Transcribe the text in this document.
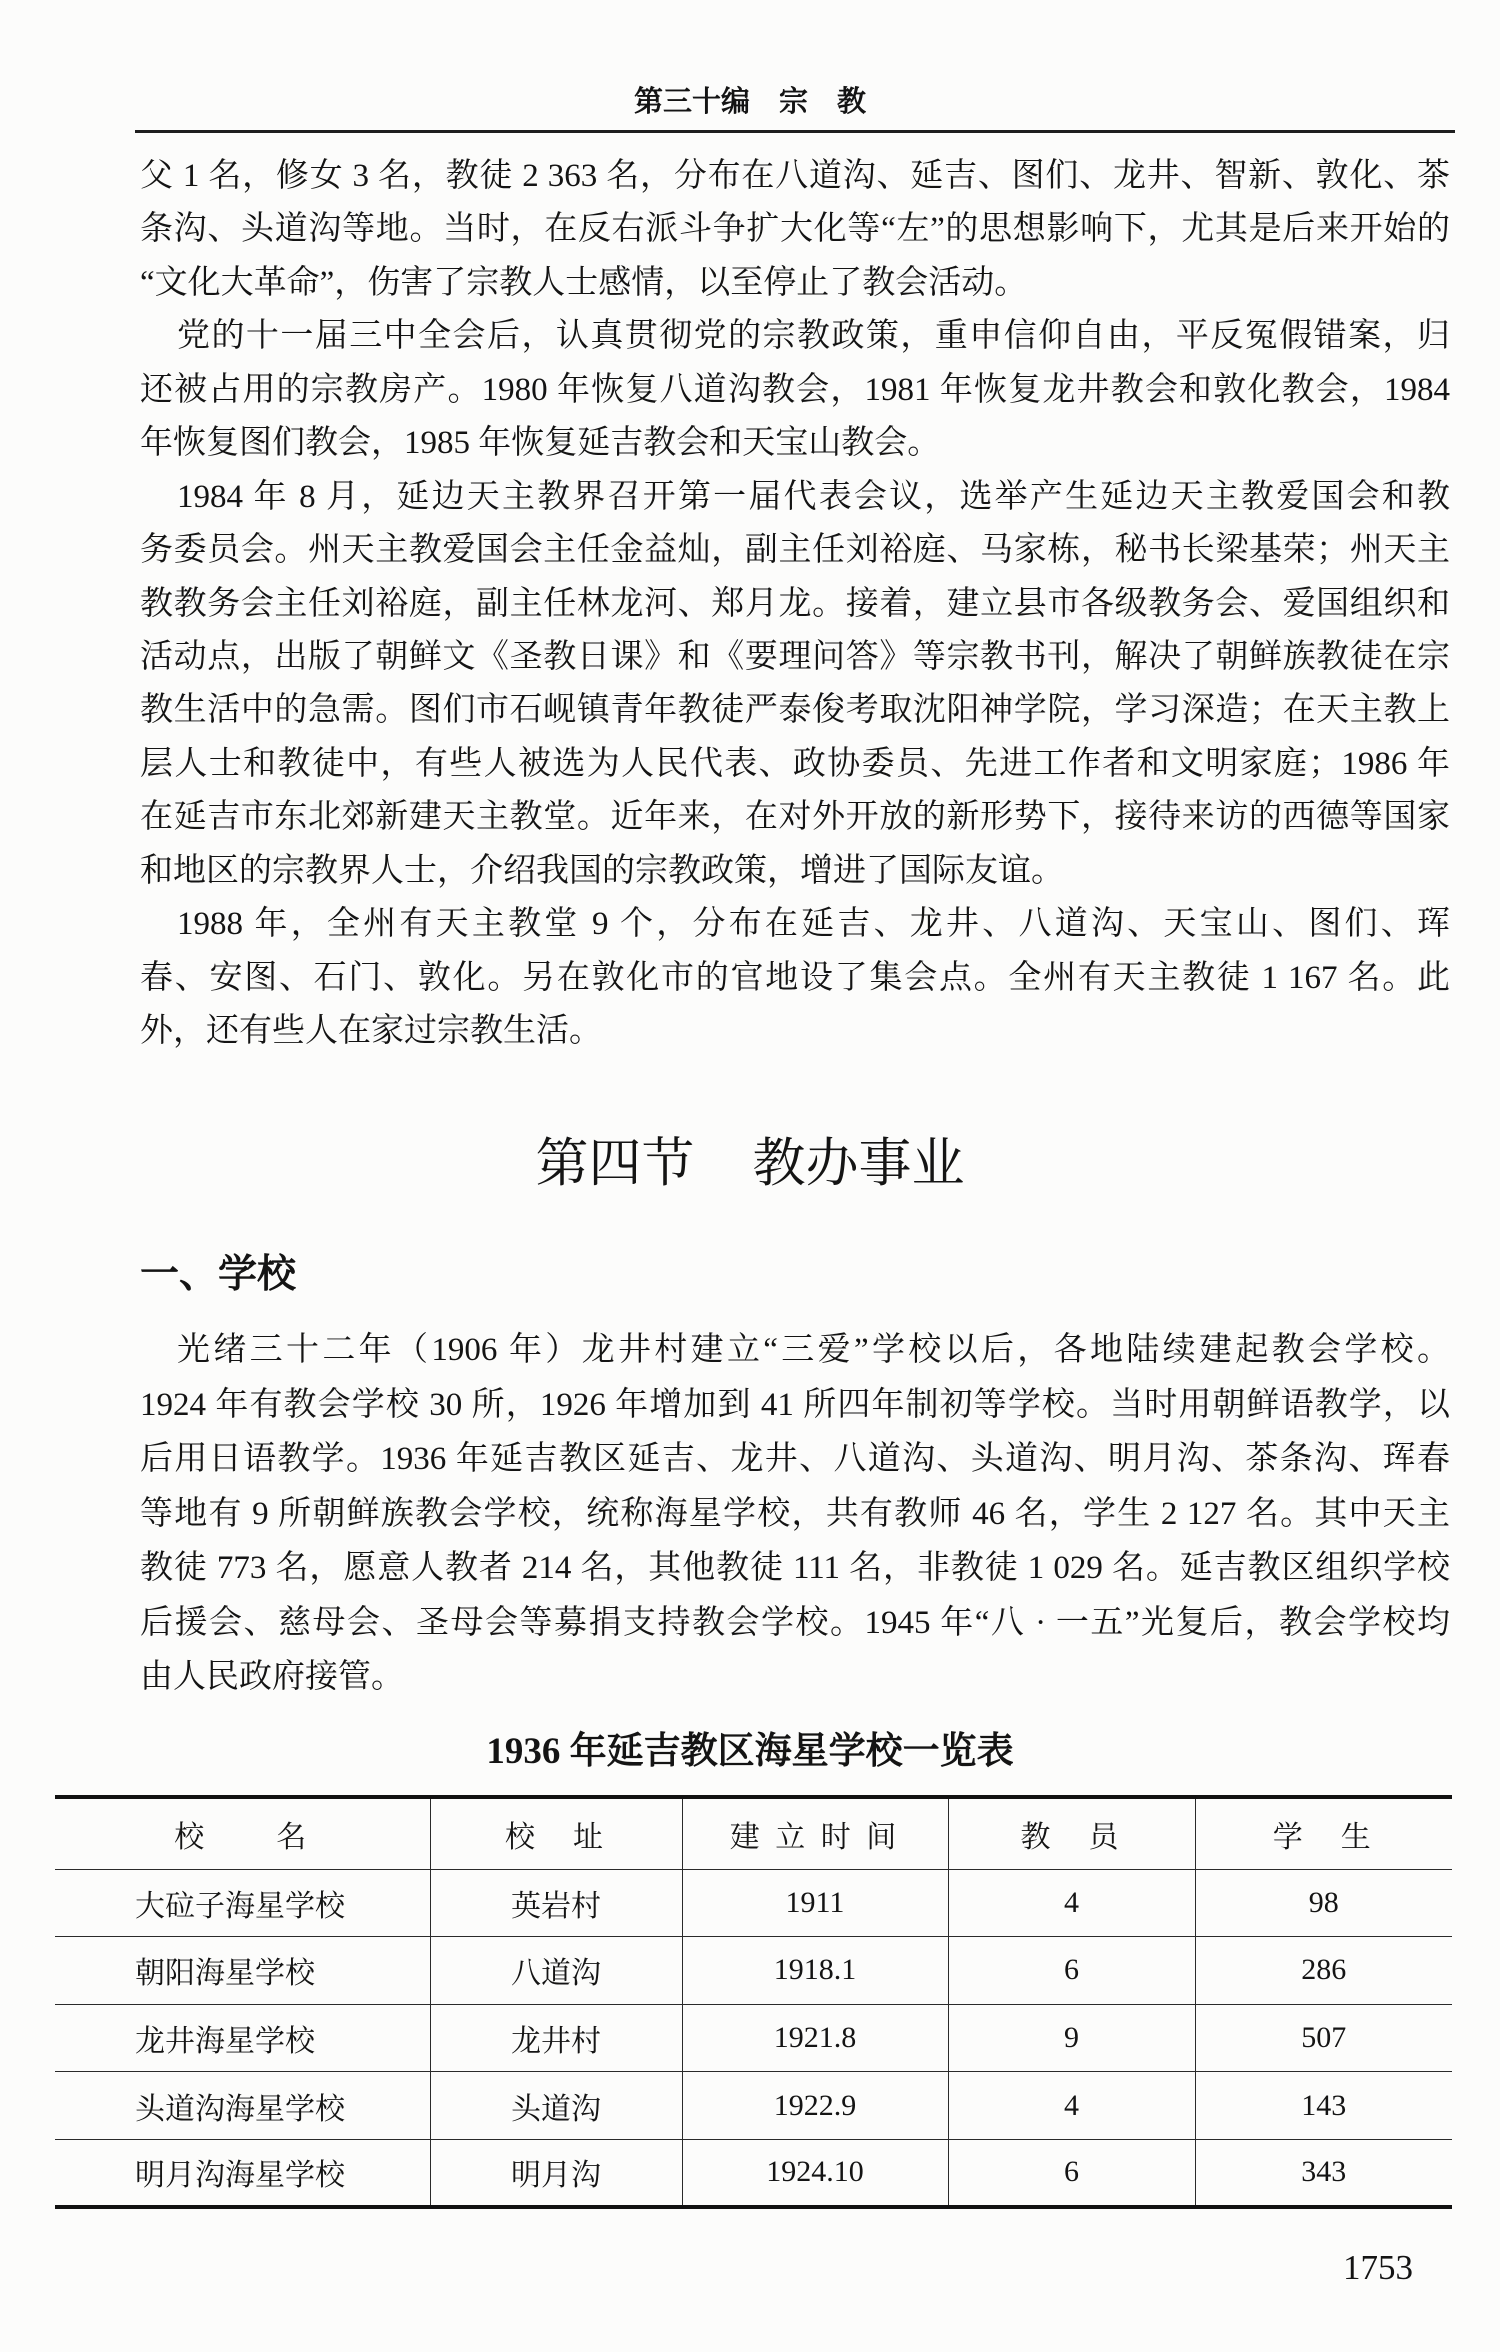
第三十编　宗　教
父 1 名，修女 3 名，教徒 2 363 名，分布在八道沟、延吉、图们、龙井、智新、敦化、茶
条沟、头道沟等地。当时，在反右派斗争扩大化等“左”的思想影响下，尤其是后来开始的
“文化大革命”，伤害了宗教人士感情，以至停止了教会活动。
党的十一届三中全会后，认真贯彻党的宗教政策，重申信仰自由，平反冤假错案，归
还被占用的宗教房产。1980 年恢复八道沟教会，1981 年恢复龙井教会和敦化教会，1984
年恢复图们教会，1985 年恢复延吉教会和天宝山教会。
1984 年 8 月，延边天主教界召开第一届代表会议，选举产生延边天主教爱国会和教
务委员会。州天主教爱国会主任金益灿，副主任刘裕庭、马家栋，秘书长梁基荣；州天主
教教务会主任刘裕庭，副主任林龙河、郑月龙。接着，建立县市各级教务会、爱国组织和
活动点，出版了朝鲜文《圣教日课》和《要理问答》等宗教书刊，解决了朝鲜族教徒在宗
教生活中的急需。图们市石岘镇青年教徒严泰俊考取沈阳神学院，学习深造；在天主教上
层人士和教徒中，有些人被选为人民代表、政协委员、先进工作者和文明家庭；1986 年
在延吉市东北郊新建天主教堂。近年来，在对外开放的新形势下，接待来访的西德等国家
和地区的宗教界人士，介绍我国的宗教政策，增进了国际友谊。
1988 年，全州有天主教堂 9 个，分布在延吉、龙井、八道沟、天宝山、图们、珲
春、安图、石门、敦化。另在敦化市的官地设了集会点。全州有天主教徒 1 167 名。此
外，还有些人在家过宗教生活。
第四节 教办事业
一、学校
光绪三十二年（1906 年）龙井村建立“三爱”学校以后，各地陆续建起教会学校。
1924 年有教会学校 30 所，1926 年增加到 41 所四年制初等学校。当时用朝鲜语教学，以
后用日语教学。1936 年延吉教区延吉、龙井、八道沟、头道沟、明月沟、茶条沟、珲春
等地有 9 所朝鲜族教会学校，统称海星学校，共有教师 46 名，学生 2 127 名。其中天主
教徒 773 名，愿意人教者 214 名，其他教徒 111 名，非教徒 1 029 名。延吉教区组织学校
后援会、慈母会、圣母会等募捐支持教会学校。1945 年“八 · 一五”光复后，教会学校均
由人民政府接管。
1936 年延吉教区海星学校一览表
校　　名	校　址	建 立 时 间	教　员	学　生
大砬子海星学校	英岩村	1911	4	98
朝阳海星学校	八道沟	1918.1	6	286
龙井海星学校	龙井村	1921.8	9	507
头道沟海星学校	头道沟	1922.9	4	143
明月沟海星学校	明月沟	1924.10	6	343
1753
